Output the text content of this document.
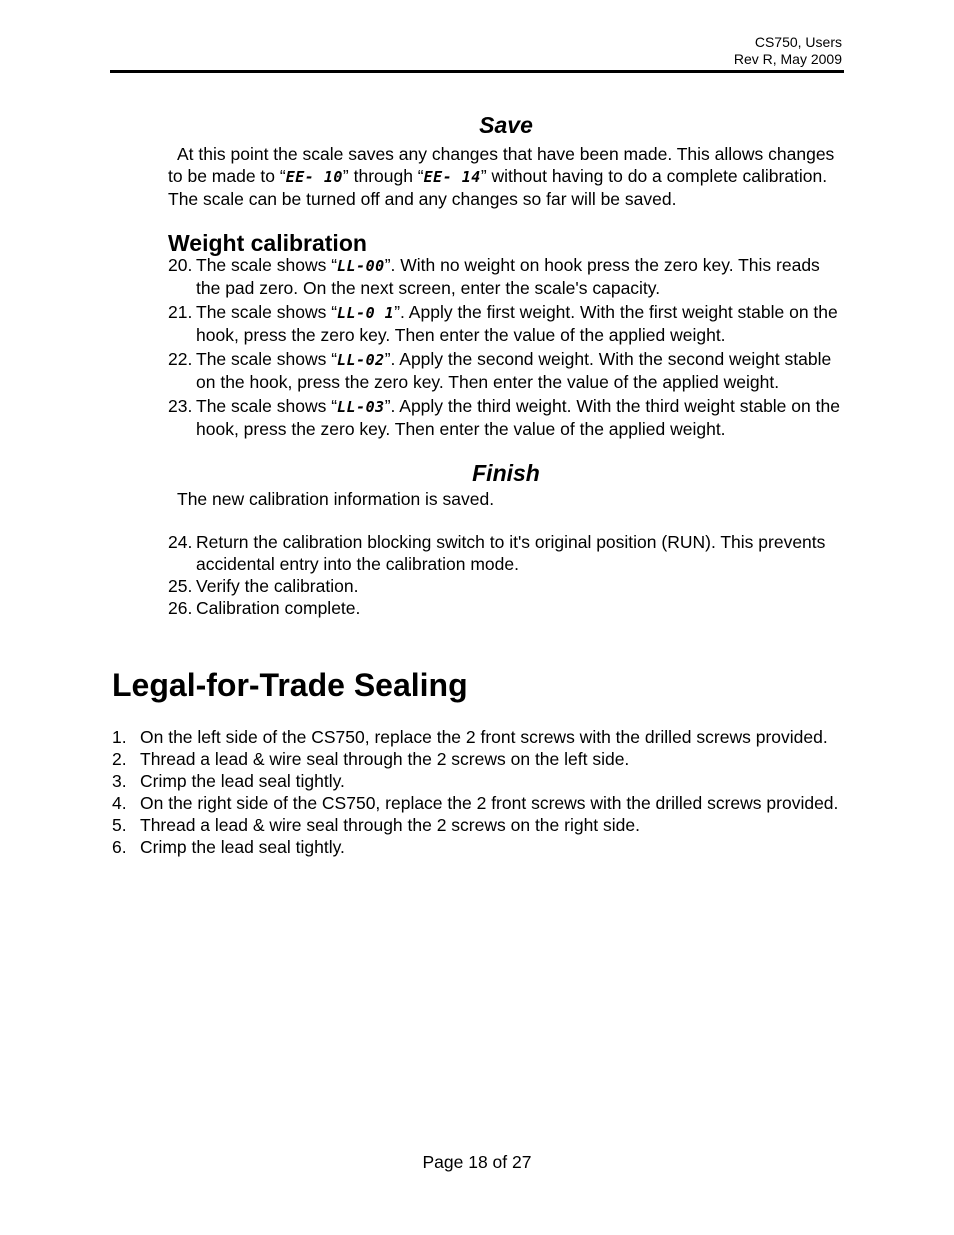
CS750, Users
Rev R, May 2009
Save

At this point the scale saves any changes that have been made. This allows changes to be made to “EE- 10” through “EE- 14” without having to do a complete calibration. The scale can be turned off and any changes so far will be saved.

Weight calibration
20. The scale shows “LL-00”. With no weight on hook press the zero key. This reads the pad zero. On the next screen, enter the scale's capacity.
21. The scale shows “LL-0 1”. Apply the first weight. With the first weight stable on the hook, press the zero key. Then enter the value of the applied weight.
22. The scale shows “LL-02”. Apply the second weight. With the second weight stable on the hook, press the zero key. Then enter the value of the applied weight.
23. The scale shows “LL-03”. Apply the third weight. With the third weight stable on the hook, press the zero key. Then enter the value of the applied weight.
Finish

The new calibration information is saved.

24. Return the calibration blocking switch to it's original position (RUN). This prevents accidental entry into the calibration mode.
25. Verify the calibration.
26. Calibration complete.
Legal-for-Trade Sealing
1. On the left side of the CS750, replace the 2 front screws with the drilled screws provided.
2. Thread a lead & wire seal through the 2 screws on the left side.
3. Crimp the lead seal tightly.
4. On the right side of the CS750, replace the 2 front screws with the drilled screws provided.
5. Thread a lead & wire seal through the 2 screws on the right side.
6. Crimp the lead seal tightly.
Page 18 of 27
